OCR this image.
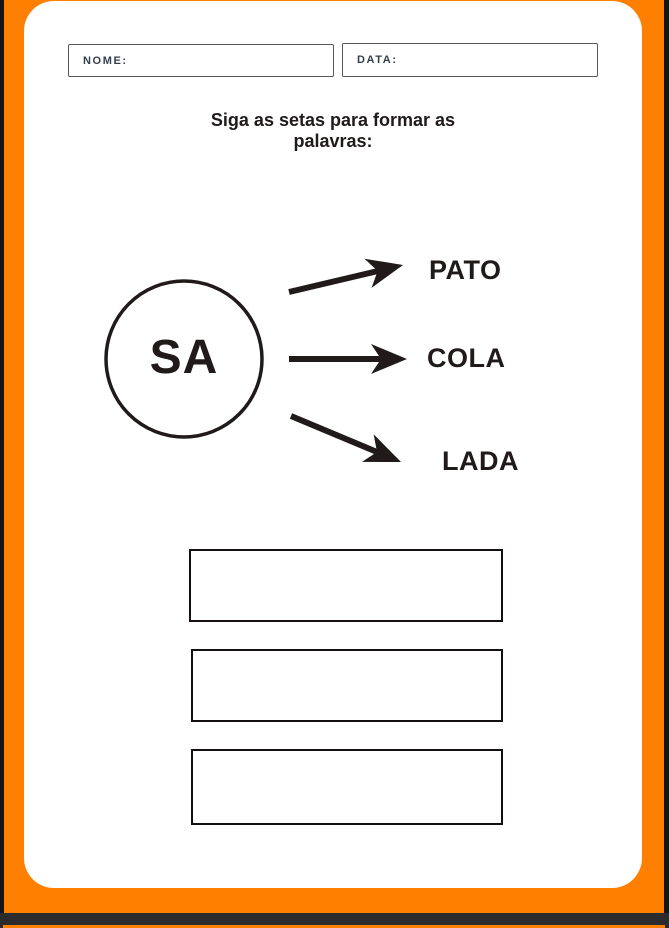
NOME:	DATA:
Siga as setas para formar as
palavras:
SA
PATO
COLA
LADA
